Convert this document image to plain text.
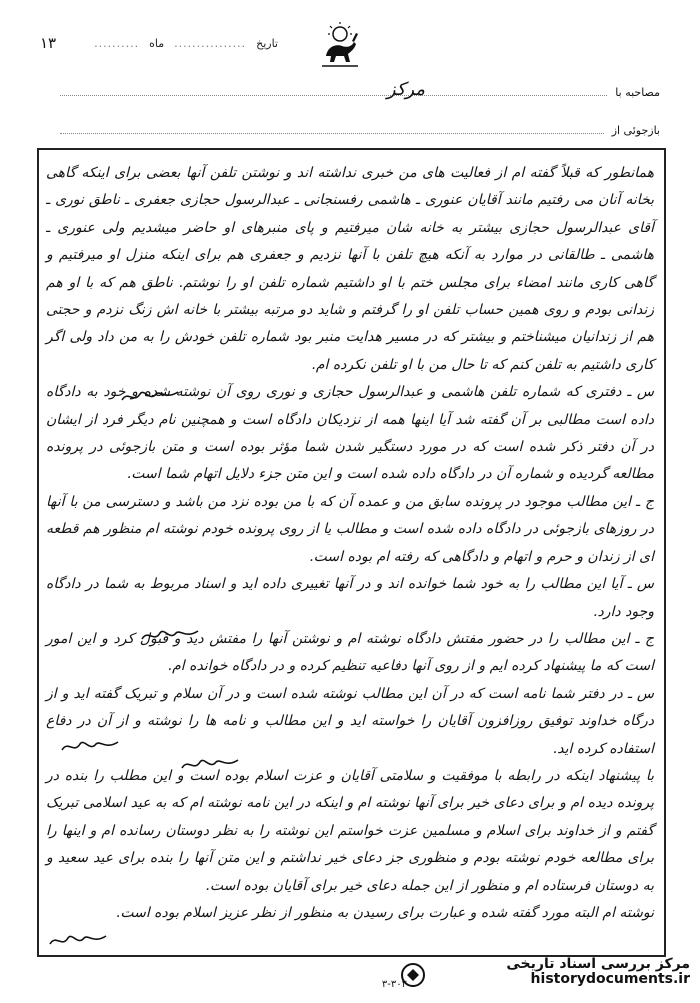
تاریخ
................
ماه
..........
۱۳
مصاحبه با
مرکز
بازجوئی از

همانطور که قبلاً گفته ام از فعالیت های من خبری نداشته اند و نوشتن تلفن آنها بعضی برای اینکه گاهی بخانه آنان می رفتیم مانند آقایان عنوری ـ هاشمی رفسنجانی ـ عبدالرسول حجازی جعفری ـ ناطق نوری ـ آقای عبدالرسول حجازی بیشتر به خانه شان میرفتیم و پای منبرهای او حاضر میشدیم ولی عنوری ـ هاشمی ـ طالقانی در موارد به آنکه هیچ تلفن با آنها نزدیم و جعفری هم برای اینکه منزل او میرفتیم و گاهی کاری مانند امضاء برای مجلس ختم با او داشتیم شماره تلفن او را نوشتم. ناطق هم که با او هم زندانی بودم و روی همین حساب تلفن او را گرفتم و شاید دو مرتبه بیشتر با خانه اش زنگ نزدم و حجتی هم از زندانیان میشناختم و بیشتر که در مسیر هدایت منبر بود شماره تلفن خودش را به من داد ولی اگر کاری داشتیم به تلفن کنم که تا حال من با او تلفن نکرده ام.

س ـ دفتری که شماره تلفن هاشمی و عبدالرسول حجازی و نوری روی آن نوشته شده و خود به دادگاه داده است مطالبی بر آن گفته شد آیا اینها همه از نزدیکان دادگاه است و همچنین نام دیگر فرد از ایشان در آن دفتر ذکر شده است که در مورد دستگیر شدن شما مؤثر بوده است و متن بازجوئی در پرونده مطالعه گردیده و شماره آن در دادگاه داده شده است و این متن جزء دلایل اتهام شما است.

ج ـ این مطالب موجود در پرونده سابق من و عمده آن که با من بوده نزد من باشد و دسترسی من با آنها در روزهای بازجوئی در دادگاه داده شده است و مطالب یا از روی پرونده خودم نوشته ام منظور هم قطعه ای از زندان و حرم و اتهام و دادگاهی که رفته ام بوده است.

س ـ آیا این مطالب را به خود شما خوانده اند و در آنها تغییری داده اید و اسناد مربوط به شما در دادگاه وجود دارد.

ج ـ این مطالب را در حضور مفتش دادگاه نوشته ام و نوشتن آنها را مفتش دید و قبول کرد و این امور است که ما پیشنهاد کرده ایم و از روی آنها دفاعیه تنظیم کرده و در دادگاه خوانده ام.

س ـ در دفتر شما نامه است که در آن این مطالب نوشته شده است و در آن سلام و تبریک گفته اید و از درگاه خداوند توفیق روزافزون آقایان را خواسته اید و این مطالب و نامه ها را نوشته و از آن در دفاع استفاده کرده اید.

با پیشنهاد اینکه در رابطه با موفقیت و سلامتی آقایان و عزت اسلام بوده است و این مطلب را بنده در پرونده دیده ام و برای دعای خیر برای آنها نوشته ام و اینکه در این نامه نوشته ام که به عید اسلامی تبریک گفتم و از خداوند برای اسلام و مسلمین عزت خواستم این نوشته را به نظر دوستان رسانده ام و اینها را برای مطالعه خودم نوشته بودم و منظوری جز دعای خیر نداشتم و این متن آنها را بنده برای عید سعید و به دوستان فرستاده ام و منظور از این جمله دعای خیر برای آقایان بوده است.

نوشته ام البته مورد گفته شده و عبارت برای رسیدن به منظور از نظر عزیز اسلام بوده است.

مرکز بررسی اسناد تاریخی
historydocuments.ir
۳-۳۰۲
